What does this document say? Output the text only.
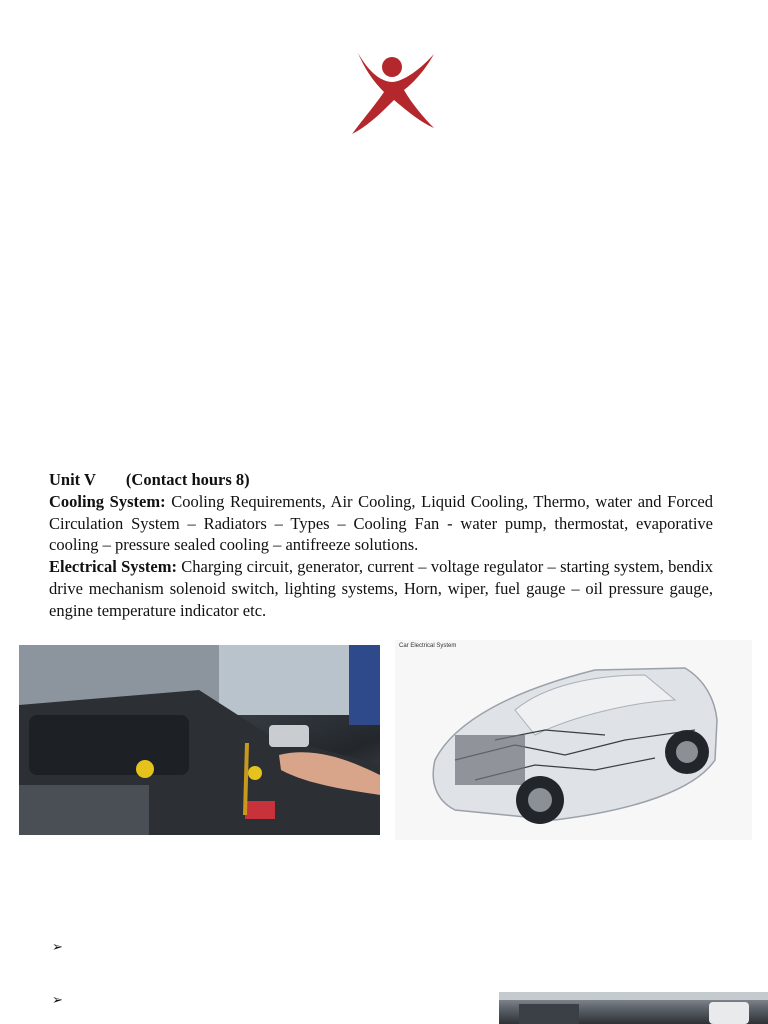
Unit V (Contact hours 8)

Cooling System: Cooling Requirements, Air Cooling, Liquid Cooling, Thermo, water and Forced Circulation System – Radiators – Types – Cooling Fan - water pump, thermostat, evaporative cooling – pressure sealed cooling – antifreeze solutions.

Electrical System: Charging circuit, generator, current – voltage regulator – starting system, bendix drive mechanism solenoid switch, lighting systems, Horn, wiper, fuel gauge – oil pressure gauge, engine temperature indicator etc.

Car Electrical System
➢
➢
